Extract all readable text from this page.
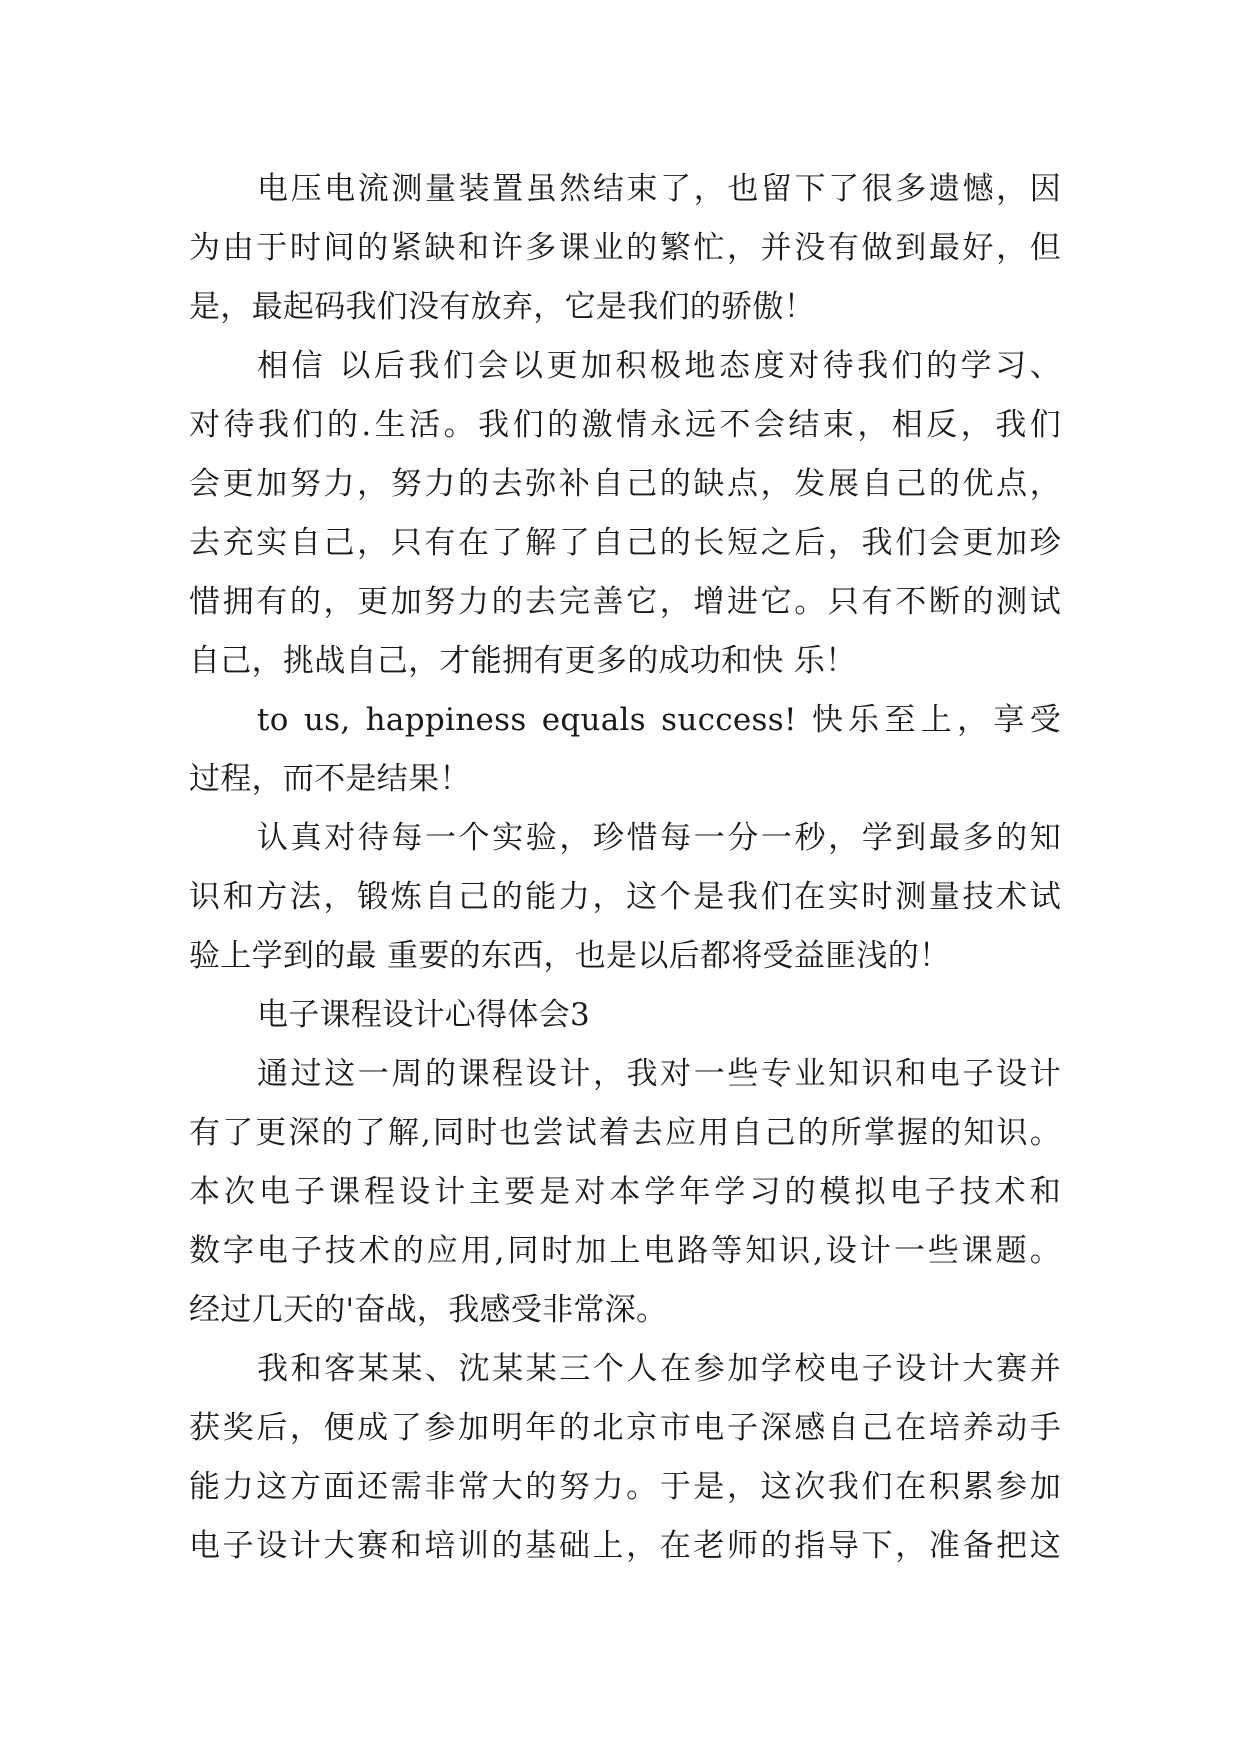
电压电流测量装置虽然结束了，也留下了很多遗憾，因
为由于时间的紧缺和许多课业的繁忙，并没有做到最好，但
是，最起码我们没有放弃，它是我们的骄傲！
相信 以后我们会以更加积极地态度对待我们的学习、
对待我们的.生活。我们的激情永远不会结束，相反，我们
会更加努力，努力的去弥补自己的缺点，发展自己的优点，
去充实自己，只有在了解了自己的长短之后，我们会更加珍
惜拥有的，更加努力的去完善它，增进它。只有不断的测试
自己，挑战自己，才能拥有更多的成功和快 乐！
to us, happiness equals success! 快乐至上，享受
过程，而不是结果！
认真对待每一个实验，珍惜每一分一秒，学到最多的知
识和方法，锻炼自己的能力，这个是我们在实时测量技术试
验上学到的最 重要的东西，也是以后都将受益匪浅的！
电子课程设计心得体会3
通过这一周的课程设计，我对一些专业知识和电子设计
有了更深的了解,同时也尝试着去应用自己的所掌握的知识。
本次电子课程设计主要是对本学年学习的模拟电子技术和
数字电子技术的应用,同时加上电路等知识,设计一些课题。
经过几天的'奋战，我感受非常深。
我和客某某、沈某某三个人在参加学校电子设计大赛并
获奖后，便成了参加明年的北京市电子深感自己在培养动手
能力这方面还需非常大的努力。于是，这次我们在积累参加
电子设计大赛和培训的基础上，在老师的指导下，准备把这
